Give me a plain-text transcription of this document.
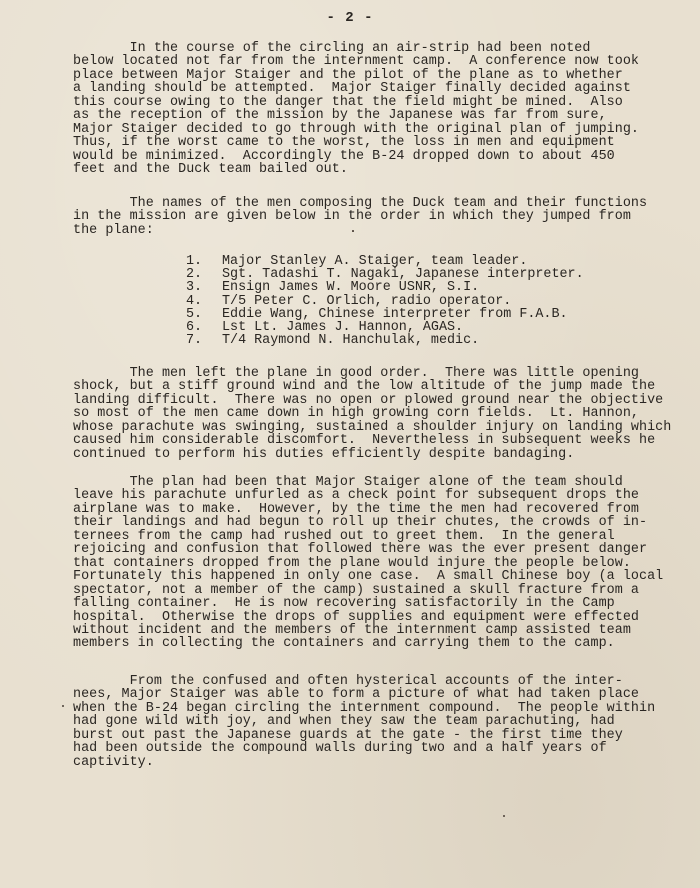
- 2 -

In the course of the circling an air-strip had been noted
below located not far from the internment camp.  A conference now took
place between Major Staiger and the pilot of the plane as to whether
a landing should be attempted.  Major Staiger finally decided against
this course owing to the danger that the field might be mined.  Also
as the reception of the mission by the Japanese was far from sure,
Major Staiger decided to go through with the original plan of jumping.
Thus, if the worst came to the worst, the loss in men and equipment
would be minimized.  Accordingly the B-24 dropped down to about 450
feet and the Duck team bailed out.

The names of the men composing the Duck team and their functions
in the mission are given below in the order in which they jumped from
the plane:

1.	Major Stanley A. Staiger, team leader.
2.	Sgt. Tadashi T. Nagaki, Japanese interpreter.
3.	Ensign James W. Moore USNR, S.I.
4.	T/5 Peter C. Orlich, radio operator.
5.	Eddie Wang, Chinese interpreter from F.A.B.
6.	Lst Lt. James J. Hannon, AGAS.
7.	T/4 Raymond N. Hanchulak, medic.

The men left the plane in good order.  There was little opening
shock, but a stiff ground wind and the low altitude of the jump made the
landing difficult.  There was no open or plowed ground near the objective
so most of the men came down in high growing corn fields.  Lt. Hannon,
whose parachute was swinging, sustained a shoulder injury on landing which
caused him considerable discomfort.  Nevertheless in subsequent weeks he
continued to perform his duties efficiently despite bandaging.

The plan had been that Major Staiger alone of the team should
leave his parachute unfurled as a check point for subsequent drops the
airplane was to make.  However, by the time the men had recovered from
their landings and had begun to roll up their chutes, the crowds of in-
ternees from the camp had rushed out to greet them.  In the general
rejoicing and confusion that followed there was the ever present danger
that containers dropped from the plane would injure the people below.
Fortunately this happened in only one case.  A small Chinese boy (a local
spectator, not a member of the camp) sustained a skull fracture from a
falling container.  He is now recovering satisfactorily in the Camp
hospital.  Otherwise the drops of supplies and equipment were effected
without incident and the members of the internment camp assisted team
members in collecting the containers and carrying them to the camp.

From the confused and often hysterical accounts of the inter-
nees, Major Staiger was able to form a picture of what had taken place
when the B-24 began circling the internment compound.  The people within
had gone wild with joy, and when they saw the team parachuting, had
burst out past the Japanese guards at the gate - the first time they
had been outside the compound walls during two and a half years of
captivity.
